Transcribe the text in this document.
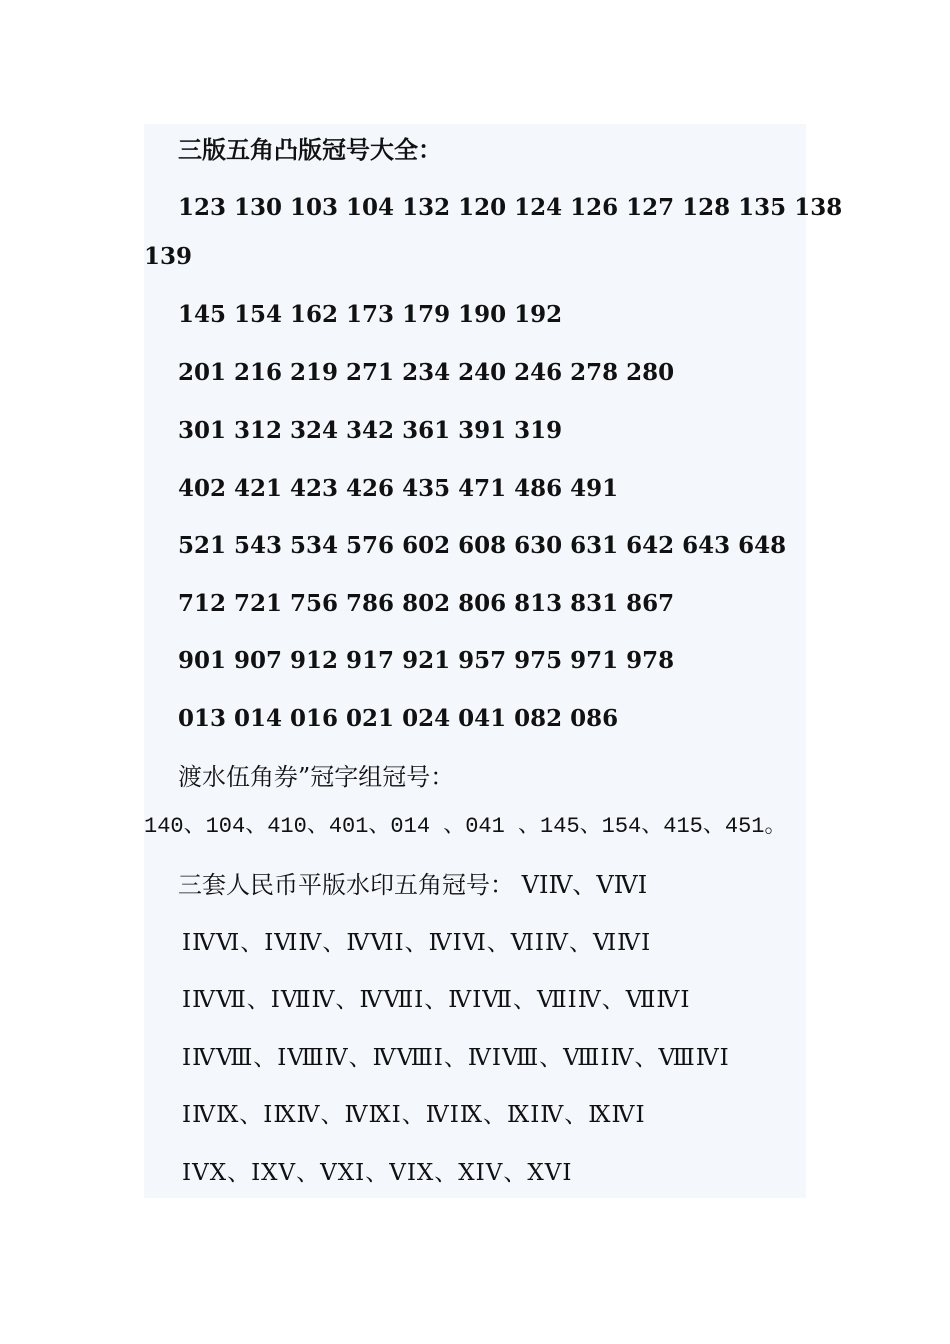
三版五角凸版冠号大全：
123 130 103 104 132 120 124 126 127 128 135 138
139
145 154 162 173 179 190 192
201 216 219 271 234 240 246 278 280
301 312 324 342 361 391 319
402 421 423 426 435 471 486 491
521 543 534 576 602 608 630 631 642 643 648
712 721 756 786 802 806 813 831 867
901 907 912 917 921 957 975 971 978
013 014 016 021 024 041 082 086
渡水伍角券”冠字组冠号：
140、104、410、401、014 、041 、145、154、415、451。
三套人民币平版水印五角冠号： ⅤⅠⅣ、ⅤⅣⅠ
ⅠⅣⅥ、ⅠⅥⅣ、ⅣⅥⅠ、ⅣⅠⅥ、ⅥⅠⅣ、ⅥⅣⅠ
ⅠⅣⅦ、ⅠⅦⅣ、ⅣⅦⅠ、ⅣⅠⅦ、ⅦⅠⅣ、ⅦⅣⅠ
ⅠⅣⅧ、ⅠⅧⅣ、ⅣⅧⅠ、ⅣⅠⅧ、ⅧⅠⅣ、ⅧⅣⅠ
ⅠⅣⅨ、ⅠⅨⅣ、ⅣⅨⅠ、ⅣⅠⅨ、ⅨⅠⅣ、ⅨⅣⅠ
ⅠⅤⅩ、ⅠⅩⅤ、ⅤⅩⅠ、ⅤⅠⅩ、ⅩⅠⅤ、ⅩⅤⅠ
